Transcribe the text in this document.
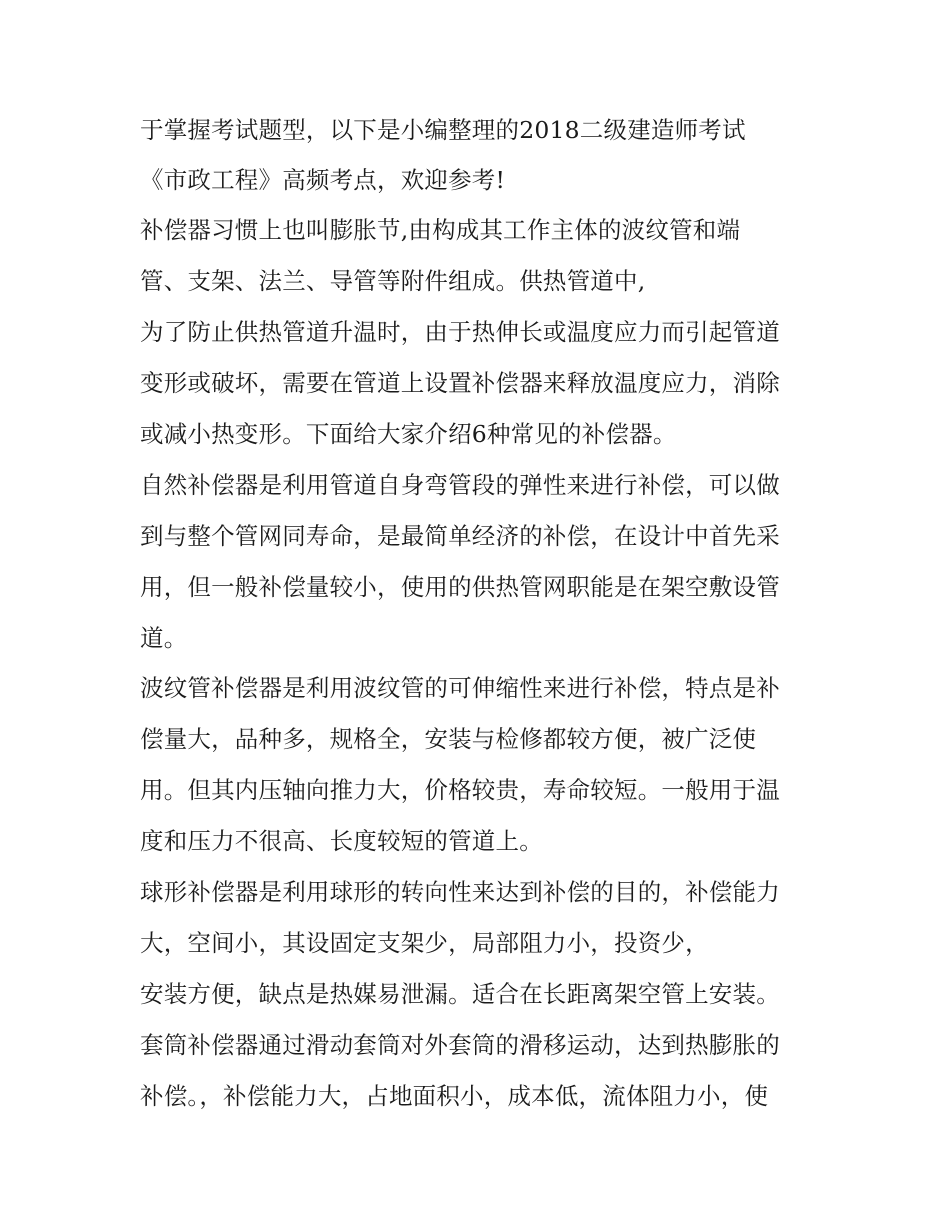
于掌握考试题型，以下是小编整理的2018二级建造师考试
《市政工程》高频考点，欢迎参考!
补偿器习惯上也叫膨胀节,由构成其工作主体的波纹管和端
管、支架、法兰、导管等附件组成。供热管道中,
为了防止供热管道升温时，由于热伸长或温度应力而引起管道
变形或破坏，需要在管道上设置补偿器来释放温度应力，消除
或减小热变形。下面给大家介绍6种常见的补偿器。
自然补偿器是利用管道自身弯管段的弹性来进行补偿，可以做
到与整个管网同寿命，是最简单经济的补偿，在设计中首先采
用，但一般补偿量较小，使用的供热管网职能是在架空敷设管
道。
波纹管补偿器是利用波纹管的可伸缩性来进行补偿，特点是补
偿量大，品种多，规格全，安装与检修都较方便，被广泛使
用。但其内压轴向推力大，价格较贵，寿命较短。一般用于温
度和压力不很高、长度较短的管道上。
球形补偿器是利用球形的转向性来达到补偿的目的，补偿能力
大，空间小，其设固定支架少，局部阻力小，投资少，
安装方便，缺点是热媒易泄漏。适合在长距离架空管上安装。
套筒补偿器通过滑动套筒对外套筒的滑移运动，达到热膨胀的
补偿。，补偿能力大，占地面积小，成本低，流体阻力小，使
